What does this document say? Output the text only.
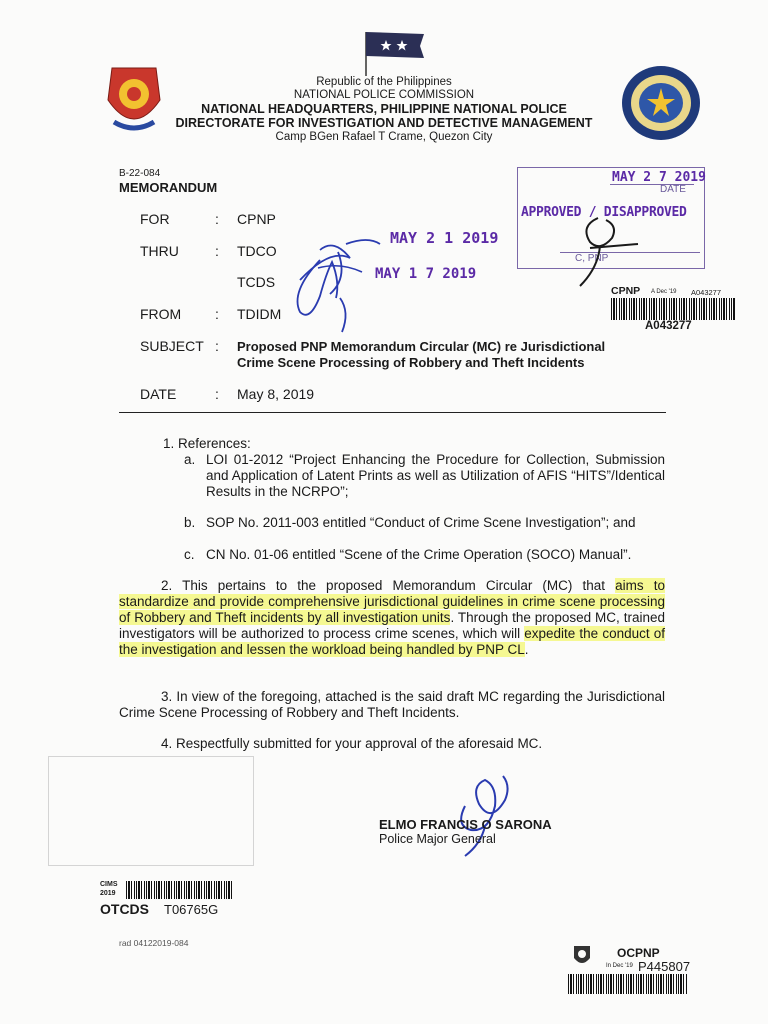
Republic of the Philippines
NATIONAL POLICE COMMISSION
NATIONAL HEADQUARTERS, PHILIPPINE NATIONAL POLICE
DIRECTORATE FOR INVESTIGATION AND DETECTIVE MANAGEMENT
Camp BGen Rafael T Crame, Quezon City
B-22-084
MEMORANDUM
MAY 2 7 2019
DATE
APPROVED / DISAPPROVED
C, PNP
CPNP A Dec '19 A043277
A043277
FOR	: CPNP
THRU	: TDCO
TCDS
MAY 2 1 2019
MAY 1 7 2019
FROM : TDIDM
SUBJECT : Proposed PNP Memorandum Circular (MC) re Jurisdictional
Crime Scene Processing of Robbery and Theft Incidents
DATE	: May 8, 2019
1. References:
a. LOI 01-2012 “Project Enhancing the Procedure for Collection, Submission and Application of Latent Prints as well as Utilization of AFIS “HITS”/Identical Results in the NCRPO”;
b. SOP No. 2011-003 entitled “Conduct of Crime Scene Investigation”; and
c. CN No. 01-06 entitled “Scene of the Crime Operation (SOCO) Manual”.
2. This pertains to the proposed Memorandum Circular (MC) that aims to standardize and provide comprehensive jurisdictional guidelines in crime scene processing of Robbery and Theft incidents by all investigation units. Through the proposed MC, trained investigators will be authorized to process crime scenes, which will expedite the conduct of the investigation and lessen the workload being handled by PNP CL.
3. In view of the foregoing, attached is the said draft MC regarding the Jurisdictional Crime Scene Processing of Robbery and Theft Incidents.
4. Respectfully submitted for your approval of the aforesaid MC.
ELMO FRANCIS O SARONA
Police Major General
CIMS
2019
OTCDS T06765G
rad 04122019-084
OCPNP
In Dec '19 P445807
